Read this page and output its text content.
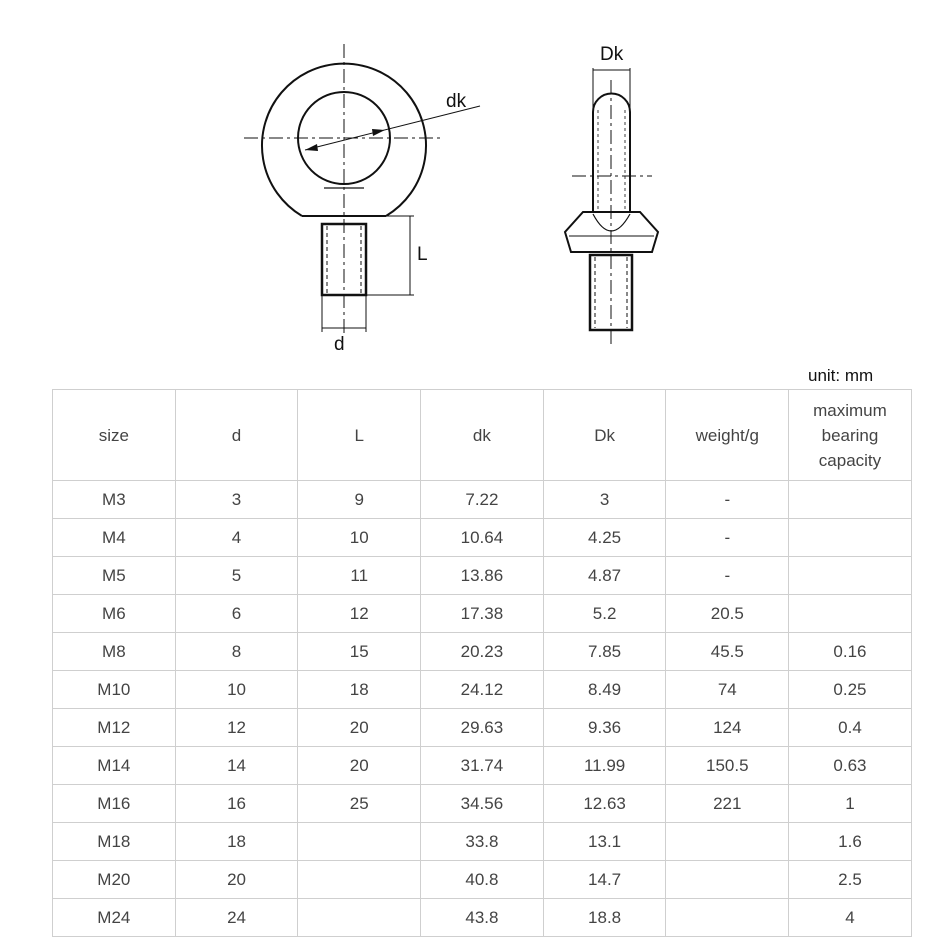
dk
L
d
Dk
unit: mm
size	d	L	dk	Dk	weight/g	maximum bearing capacity
M3	3	9	7.22	3	-	
M4	4	10	10.64	4.25	-	
M5	5	11	13.86	4.87	-	
M6	6	12	17.38	5.2	20.5	
M8	8	15	20.23	7.85	45.5	0.16
M10	10	18	24.12	8.49	74	0.25
M12	12	20	29.63	9.36	124	0.4
M14	14	20	31.74	11.99	150.5	0.63
M16	16	25	34.56	12.63	221	1
M18	18		33.8	13.1		1.6
M20	20		40.8	14.7		2.5
M24	24		43.8	18.8		4
